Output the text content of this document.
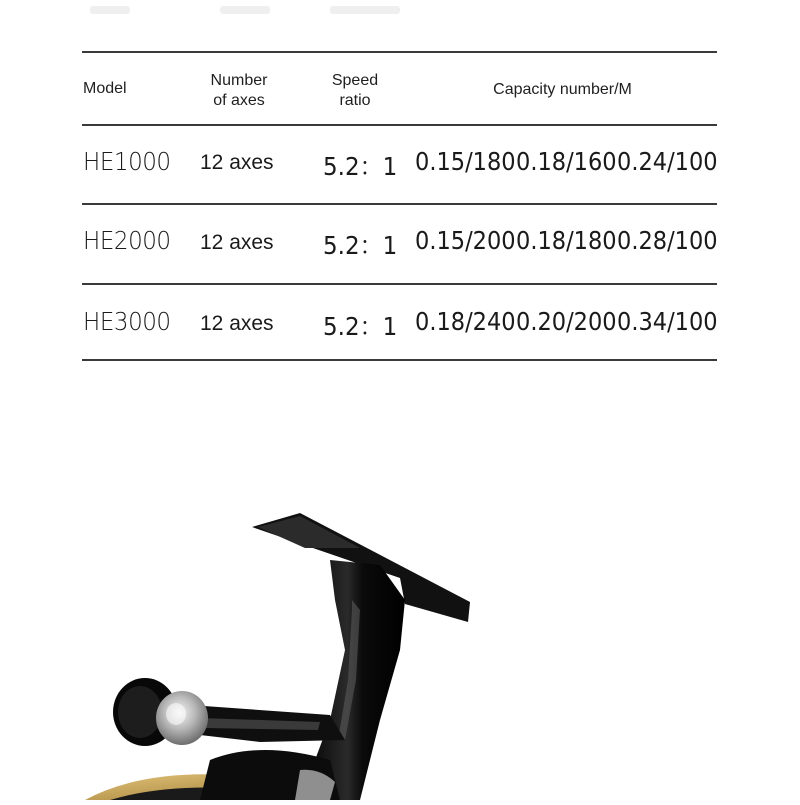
Model	Number
of axes
Speed
ratio
Capacity number/M
HE1000 12 axes 5.2：1 0.15/180 0.18/160 0.24/100
HE2000 12 axes 5.2：1 0.15/200 0.18/180 0.28/100
HE3000 12 axes 5.2：1 0.18/240 0.20/200 0.34/100
